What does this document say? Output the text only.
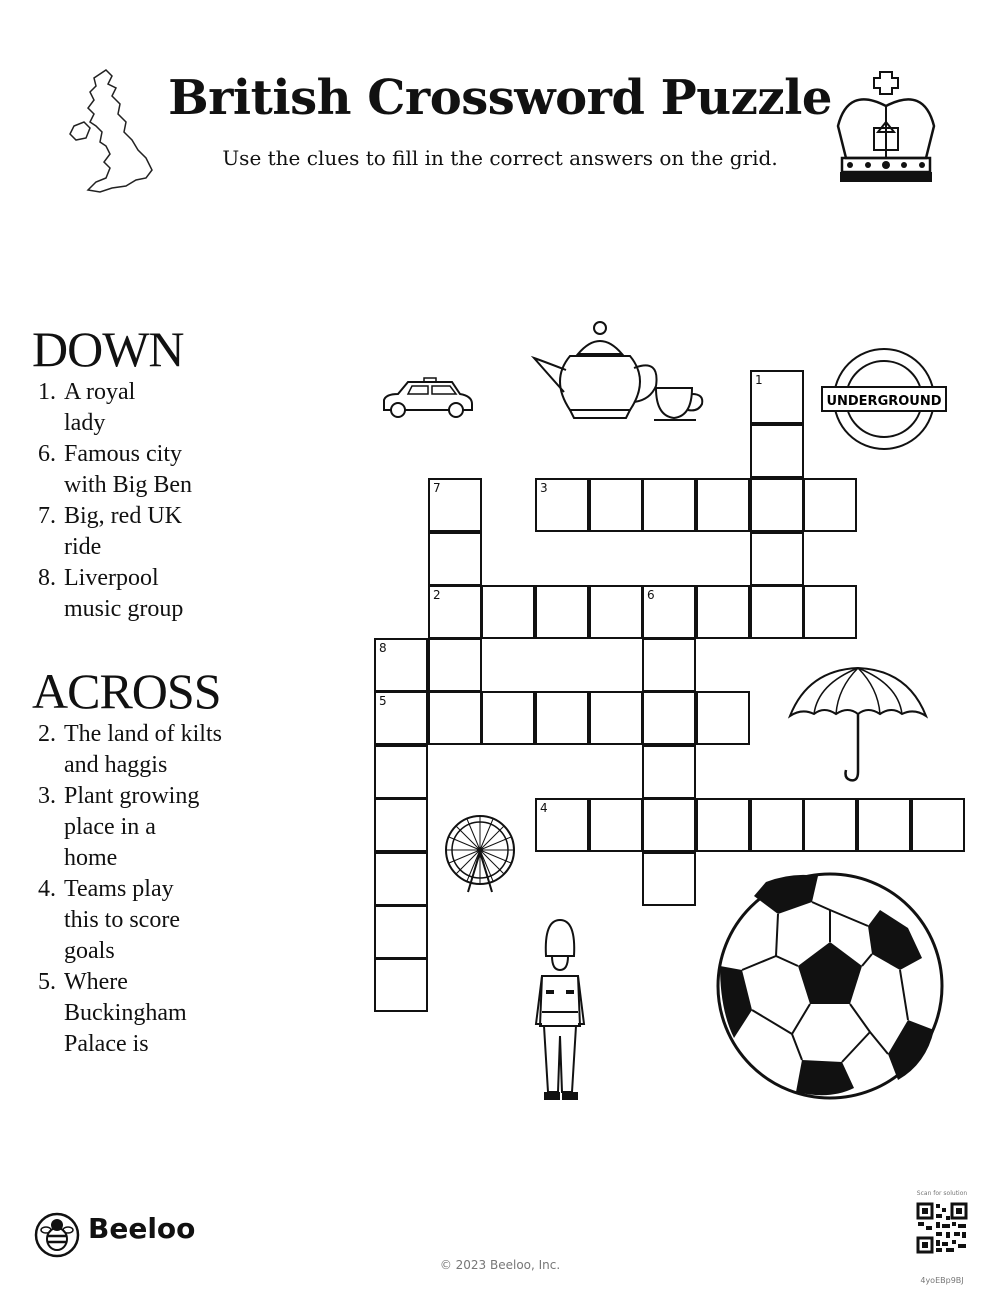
British Crossword Puzzle
Use the clues to fill in the correct answers on the grid.
DOWN
1. A royal lady
6. Famous city with Big Ben
7. Big, red UK ride
8. Liverpool music group
ACROSS
2. The land of kilts and haggis
3. Plant growing place in a home
4. Teams play this to score goals
5. Where Buckingham Palace is
1
7	3
2	6
8
5
4
UNDERGROUND
Beeloo
© 2023 Beeloo, Inc.
Scan for solution
4yoEBp9BJ
